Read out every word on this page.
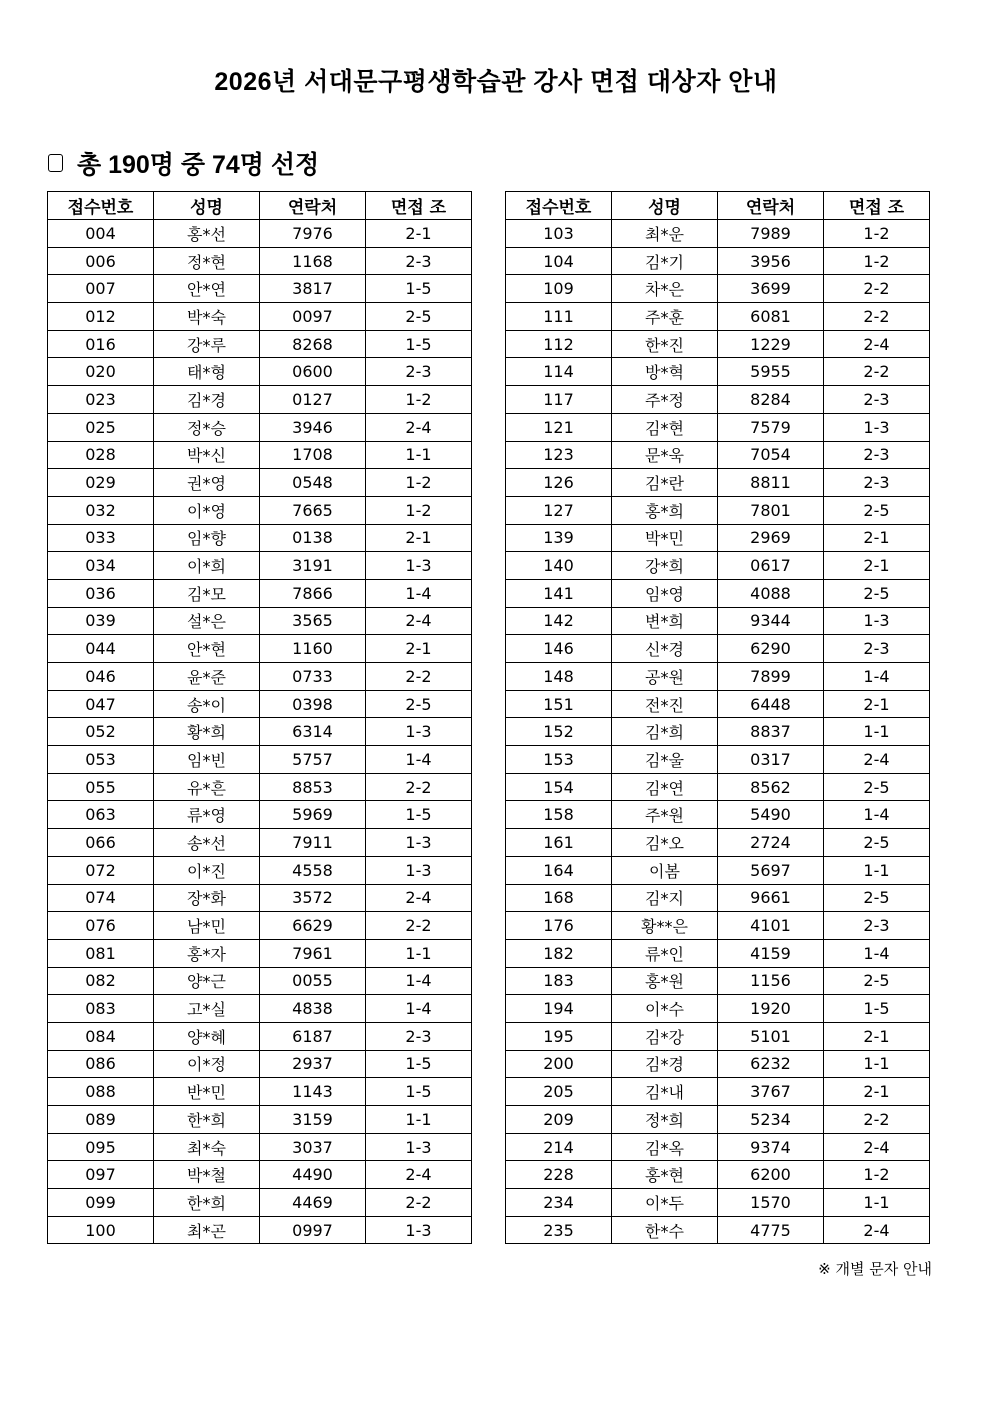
2026년 서대문구평생학습관 강사 면접 대상자 안내
총 190명 중 74명 선정
접수번호	성명	연락처	면접 조
004	홍*선	7976	2-1
006	정*현	1168	2-3
007	안*연	3817	1-5
012	박*숙	0097	2-5
016	강*루	8268	1-5
020	태*형	0600	2-3
023	김*경	0127	1-2
025	정*승	3946	2-4
028	박*신	1708	1-1
029	권*영	0548	1-2
032	이*영	7665	1-2
033	임*향	0138	2-1
034	이*희	3191	1-3
036	김*모	7866	1-4
039	설*은	3565	2-4
044	안*현	1160	2-1
046	윤*준	0733	2-2
047	송*이	0398	2-5
052	황*희	6314	1-3
053	임*빈	5757	1-4
055	유*흔	8853	2-2
063	류*영	5969	1-5
066	송*선	7911	1-3
072	이*진	4558	1-3
074	장*화	3572	2-4
076	남*민	6629	2-2
081	홍*자	7961	1-1
082	양*근	0055	1-4
083	고*실	4838	1-4
084	양*혜	6187	2-3
086	이*정	2937	1-5
088	반*민	1143	1-5
089	한*희	3159	1-1
095	최*숙	3037	1-3
097	박*철	4490	2-4
099	한*희	4469	2-2
100	최*곤	0997	1-3
접수번호	성명	연락처	면접 조
103	최*운	7989	1-2
104	김*기	3956	1-2
109	차*은	3699	2-2
111	주*훈	6081	2-2
112	한*진	1229	2-4
114	방*혁	5955	2-2
117	주*정	8284	2-3
121	김*현	7579	1-3
123	문*욱	7054	2-3
126	김*란	8811	2-3
127	홍*희	7801	2-5
139	박*민	2969	2-1
140	강*희	0617	2-1
141	임*영	4088	2-5
142	변*희	9344	1-3
146	신*경	6290	2-3
148	공*원	7899	1-4
151	전*진	6448	2-1
152	김*희	8837	1-1
153	김*울	0317	2-4
154	김*연	8562	2-5
158	주*원	5490	1-4
161	김*오	2724	2-5
164	이봄	5697	1-1
168	김*지	9661	2-5
176	황**은	4101	2-3
182	류*인	4159	1-4
183	홍*원	1156	2-5
194	이*수	1920	1-5
195	김*강	5101	2-1
200	김*경	6232	1-1
205	김*내	3767	2-1
209	정*희	5234	2-2
214	김*옥	9374	2-4
228	홍*현	6200	1-2
234	이*두	1570	1-1
235	한*수	4775	2-4
※ 개별 문자 안내
